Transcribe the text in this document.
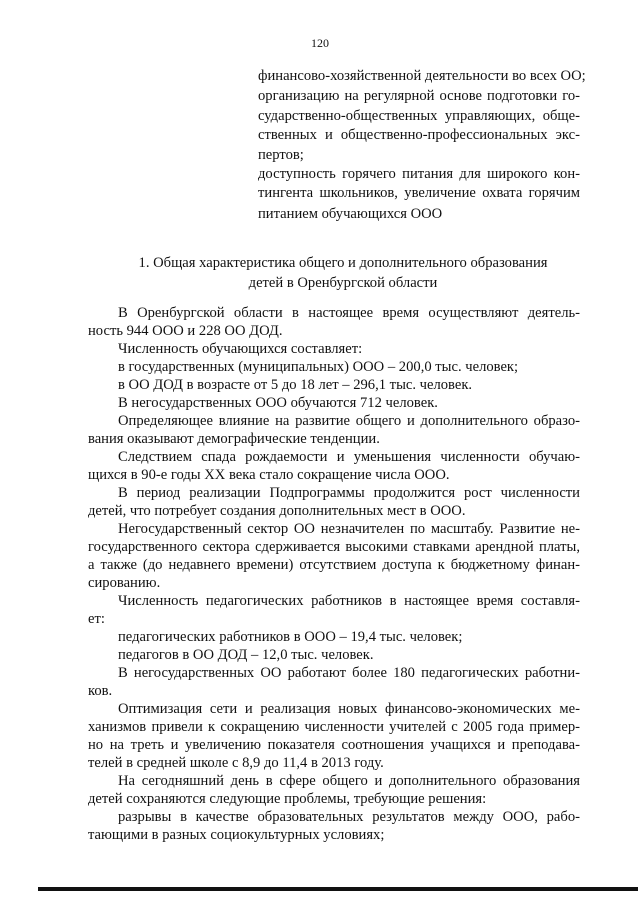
120
финансово-хозяйственной деятельности во всех ОО;
организацию на регулярной основе подготовки го-
сударственно-общественных управляющих, обще-
ственных и общественно-профессиональных экс-
пертов;
доступность горячего питания для широкого кон-
тингента школьников, увеличение охвата горячим
питанием обучающихся ООО
1. Общая характеристика общего и дополнительного образования
детей в Оренбургской области
В Оренбургской области в настоящее время осуществляют деятель-
ность 944 ООО и 228 ОО ДОД.
Численность обучающихся составляет:
в государственных (муниципальных) ООО – 200,0 тыс. человек;
в ОО ДОД в возрасте от 5 до 18 лет – 296,1 тыс. человек.
В негосударственных ООО обучаются 712 человек.
Определяющее влияние на развитие общего и дополнительного образо-
вания оказывают демографические тенденции.
Следствием спада рождаемости и уменьшения численности обучаю-
щихся в 90-е годы XX века стало сокращение числа ООО.
В период реализации Подпрограммы продолжится рост численности
детей, что потребует создания дополнительных мест в ООО.
Негосударственный сектор ОО незначителен по масштабу. Развитие не-
государственного сектора сдерживается высокими ставками арендной платы,
а также (до недавнего времени) отсутствием доступа к бюджетному финан-
сированию.
Численность педагогических работников в настоящее время составля-
ет:
педагогических работников в ООО – 19,4 тыс. человек;
педагогов в ОО ДОД – 12,0 тыс. человек.
В негосударственных ОО работают более 180 педагогических работни-
ков.
Оптимизация сети и реализация новых финансово-экономических ме-
ханизмов привели к сокращению численности учителей с 2005 года пример-
но на треть и увеличению показателя соотношения учащихся и преподава-
телей в средней школе с 8,9 до 11,4 в 2013 году.
На сегодняшний день в сфере общего и дополнительного образования
детей сохраняются следующие проблемы, требующие решения:
разрывы в качестве образовательных результатов между ООО, рабо-
тающими в разных социокультурных условиях;
